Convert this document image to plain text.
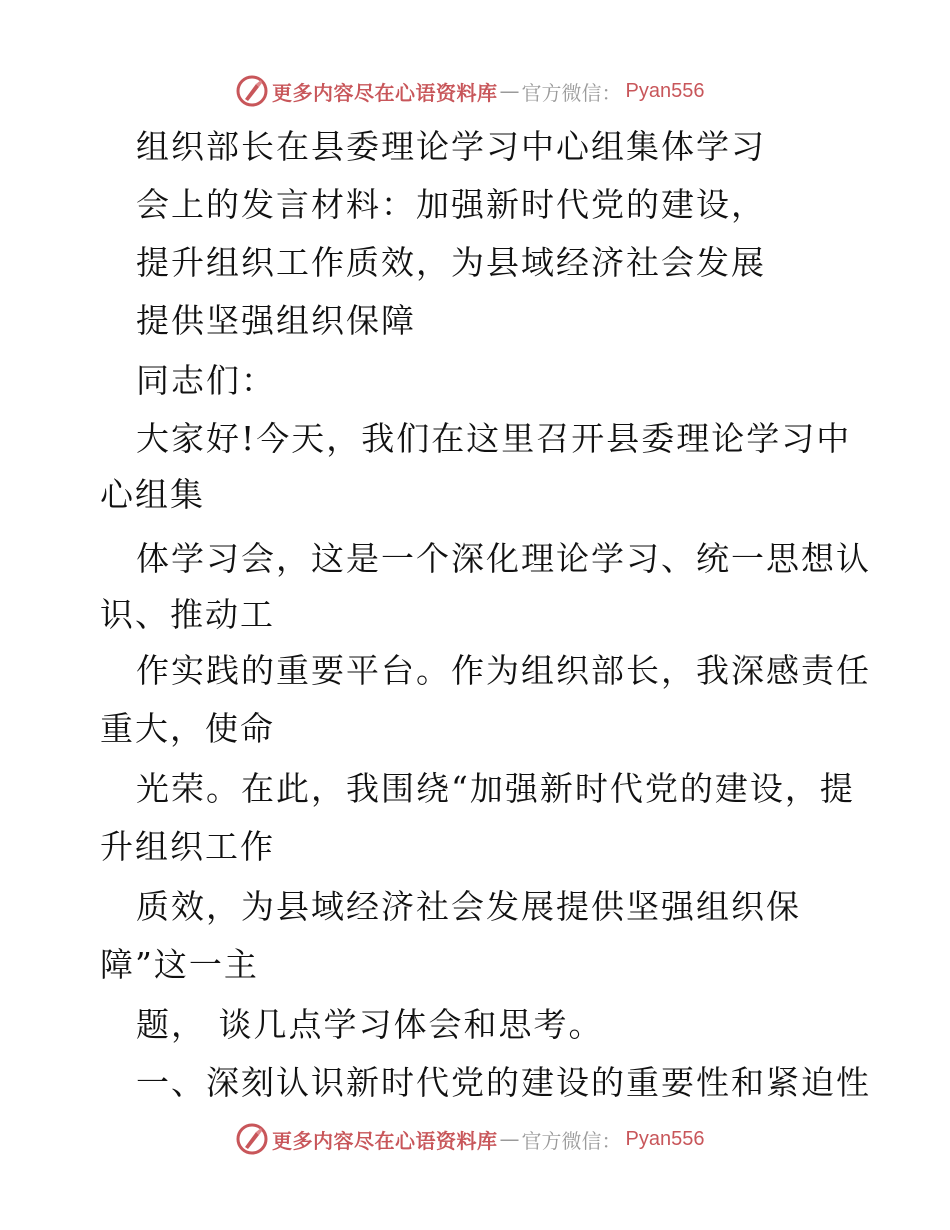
更多内容尽在心语资料库 — 官方微信： Pyan556
组织部长在县委理论学习中心组集体学习
会上的发言材料：加强新时代党的建设，
提升组织工作质效，为县域经济社会发展
提供坚强组织保障
同志们：
大家好!今天，我们在这里召开县委理论学习中
心组集
体学习会，这是一个深化理论学习、统一思想认
识、推动工
作实践的重要平台。作为组织部长，我深感责任
重大，使命
光荣。在此，我围绕“加强新时代党的建设，提
升组织工作
质效，为县域经济社会发展提供坚强组织保
障”这一主
题， 谈几点学习体会和思考。
一、深刻认识新时代党的建设的重要性和紧迫性
更多内容尽在心语资料库 — 官方微信： Pyan556
